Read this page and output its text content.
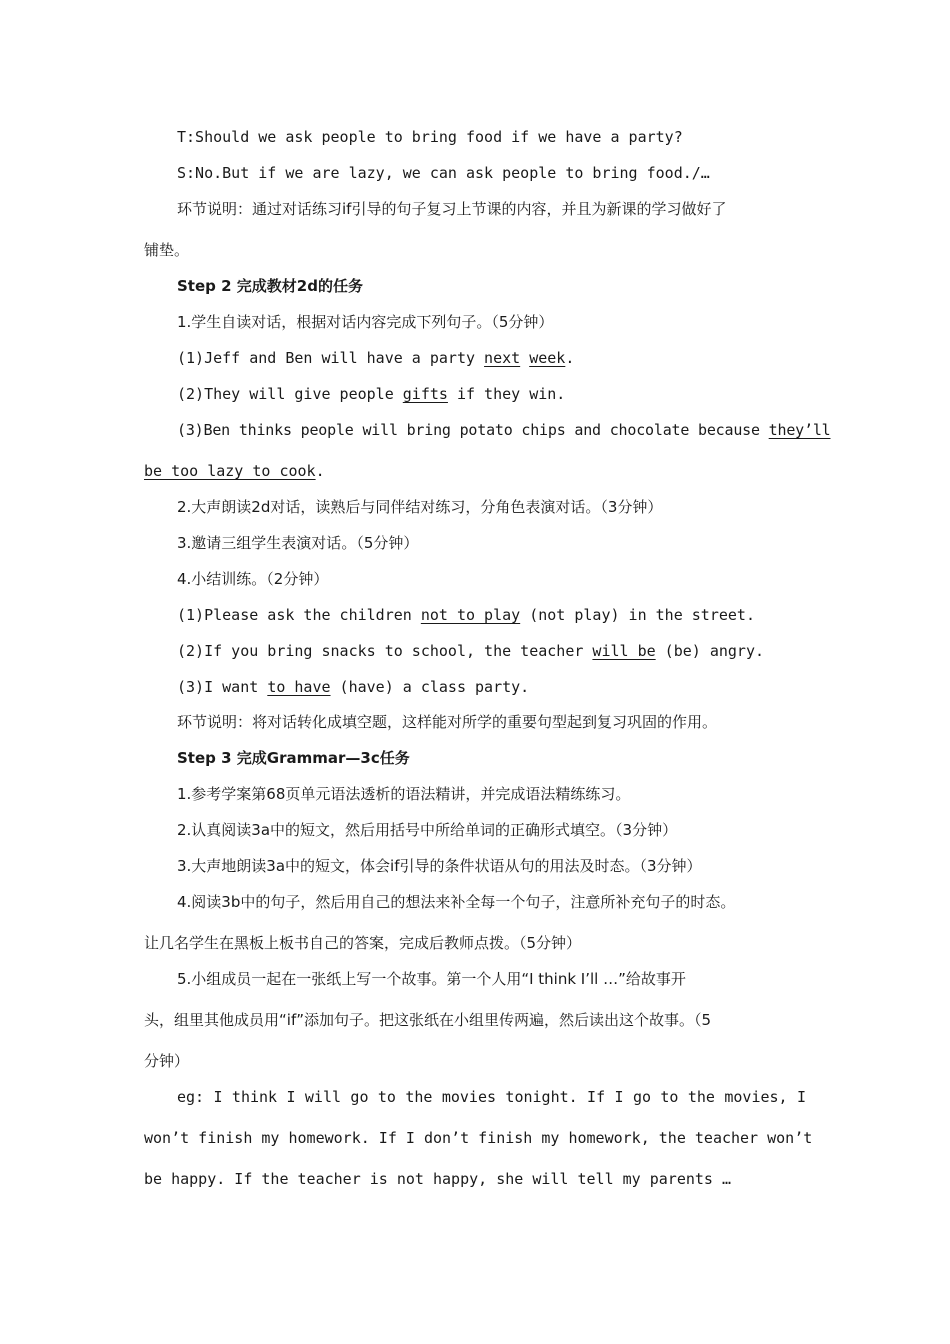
T:Should we ask people to bring food if we have a party?
S:No.But if we are lazy, we can ask people to bring food./…
环节说明：通过对话练习if引导的句子复习上节课的内容，并且为新课的学习做好了
铺垫。
Step 2 完成教材2d的任务
1.学生自读对话，根据对话内容完成下列句子。（5分钟）
(1)Jeff and Ben will have a party next week.
(2)They will give people gifts if they win.
(3)Ben thinks people will bring potato chips and chocolate because they’ll
be too lazy to cook.
2.大声朗读2d对话，读熟后与同伴结对练习，分角色表演对话。（3分钟）
3.邀请三组学生表演对话。（5分钟）
4.小结训练。（2分钟）
(1)Please ask the children not to play (not play) in the street.
(2)If you bring snacks to school, the teacher will be (be) angry.
(3)I want to have (have) a class party.
环节说明：将对话转化成填空题，这样能对所学的重要句型起到复习巩固的作用。
Step 3 完成Grammar—3c任务
1.参考学案第68页单元语法透析的语法精讲，并完成语法精练练习。
2.认真阅读3a中的短文，然后用括号中所给单词的正确形式填空。（3分钟）
3.大声地朗读3a中的短文，体会if引导的条件状语从句的用法及时态。（3分钟）
4.阅读3b中的句子，然后用自己的想法来补全每一个句子，注意所补充句子的时态。
让几名学生在黑板上板书自己的答案，完成后教师点拨。（5分钟）
5.小组成员一起在一张纸上写一个故事。第一个人用“I think I’ll …”给故事开
头，组里其他成员用“if”添加句子。把这张纸在小组里传两遍，然后读出这个故事。（5
分钟）
eg: I think I will go to the movies tonight. If I go to the movies, I
won’t finish my homework. If I don’t finish my homework, the teacher won’t
be happy. If the teacher is not happy, she will tell my parents …
